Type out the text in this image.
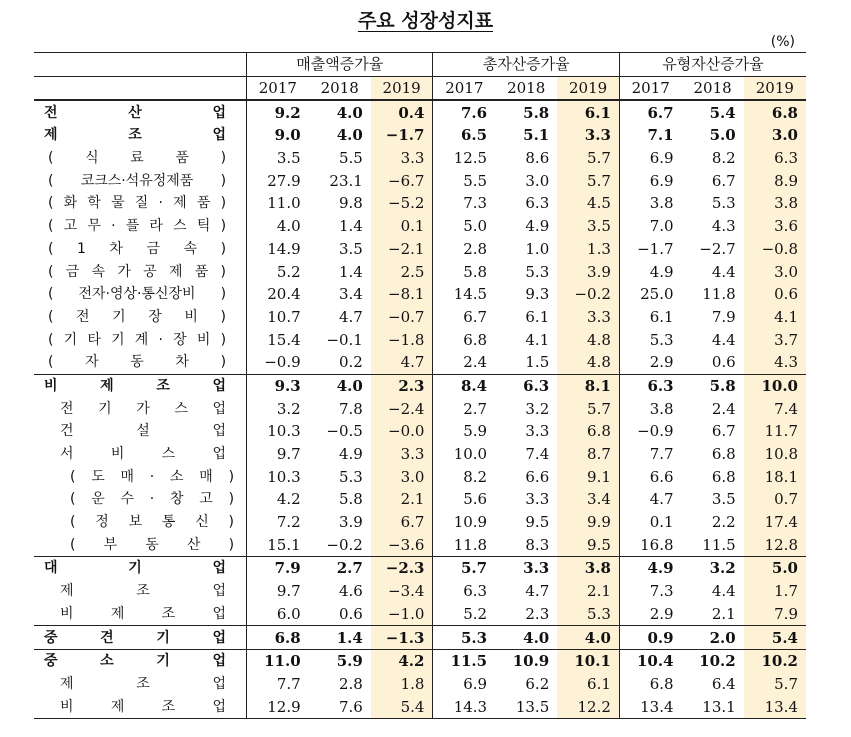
주요 성장성지표
(%)
	매출액증가율			총자산증가율			유형자산증가율		
	2017	2018	2019	2017	2018	2019	2017	2018	2019
전 산 업	9.2	4.0	0.4	7.6	5.8	6.1	6.7	5.4	6.8
제 조 업	9.0	4.0	−1.7	6.5	5.1	3.3	7.1	5.0	3.0
( 식 료 품 )	3.5	5.5	3.3	12.5	8.6	5.7	6.9	8.2	6.3
( 코크스·석유정제품 )	27.9	23.1	−6.7	5.5	3.0	5.7	6.9	6.7	8.9
( 화 학 물 질 · 제 품 )	11.0	9.8	−5.2	7.3	6.3	4.5	3.8	5.3	3.8
( 고 무 · 플 라 스 틱 )	4.0	1.4	0.1	5.0	4.9	3.5	7.0	4.3	3.6
( 1 차 금 속 )	14.9	3.5	−2.1	2.8	1.0	1.3	−1.7	−2.7	−0.8
( 금 속 가 공 제 품 )	5.2	1.4	2.5	5.8	5.3	3.9	4.9	4.4	3.0
( 전자·영상·통신장비 )	20.4	3.4	−8.1	14.5	9.3	−0.2	25.0	11.8	0.6
( 전 기 장 비 )	10.7	4.7	−0.7	6.7	6.1	3.3	6.1	7.9	4.1
( 기 타 기 계 · 장 비 )	15.4	−0.1	−1.8	6.8	4.1	4.8	5.3	4.4	3.7
( 자 동 차 )	−0.9	0.2	4.7	2.4	1.5	4.8	2.9	0.6	4.3
비 제 조 업	9.3	4.0	2.3	8.4	6.3	8.1	6.3	5.8	10.0
전 기 가 스 업	3.2	7.8	−2.4	2.7	3.2	5.7	3.8	2.4	7.4
건 설 업	10.3	−0.5	−0.0	5.9	3.3	6.8	−0.9	6.7	11.7
서 비 스 업	9.7	4.9	3.3	10.0	7.4	8.7	7.7	6.8	10.8
( 도 매 · 소 매 )	10.3	5.3	3.0	8.2	6.6	9.1	6.6	6.8	18.1
( 운 수 · 창 고 )	4.2	5.8	2.1	5.6	3.3	3.4	4.7	3.5	0.7
( 정 보 통 신 )	7.2	3.9	6.7	10.9	9.5	9.9	0.1	2.2	17.4
( 부 동 산 )	15.1	−0.2	−3.6	11.8	8.3	9.5	16.8	11.5	12.8
대 기 업	7.9	2.7	−2.3	5.7	3.3	3.8	4.9	3.2	5.0
제 조 업	9.7	4.6	−3.4	6.3	4.7	2.1	7.3	4.4	1.7
비 제 조 업	6.0	0.6	−1.0	5.2	2.3	5.3	2.9	2.1	7.9
중 견 기 업	6.8	1.4	−1.3	5.3	4.0	4.0	0.9	2.0	5.4
중 소 기 업	11.0	5.9	4.2	11.5	10.9	10.1	10.4	10.2	10.2
제 조 업	7.7	2.8	1.8	6.9	6.2	6.1	6.8	6.4	5.7
비 제 조 업	12.9	7.6	5.4	14.3	13.5	12.2	13.4	13.1	13.4
